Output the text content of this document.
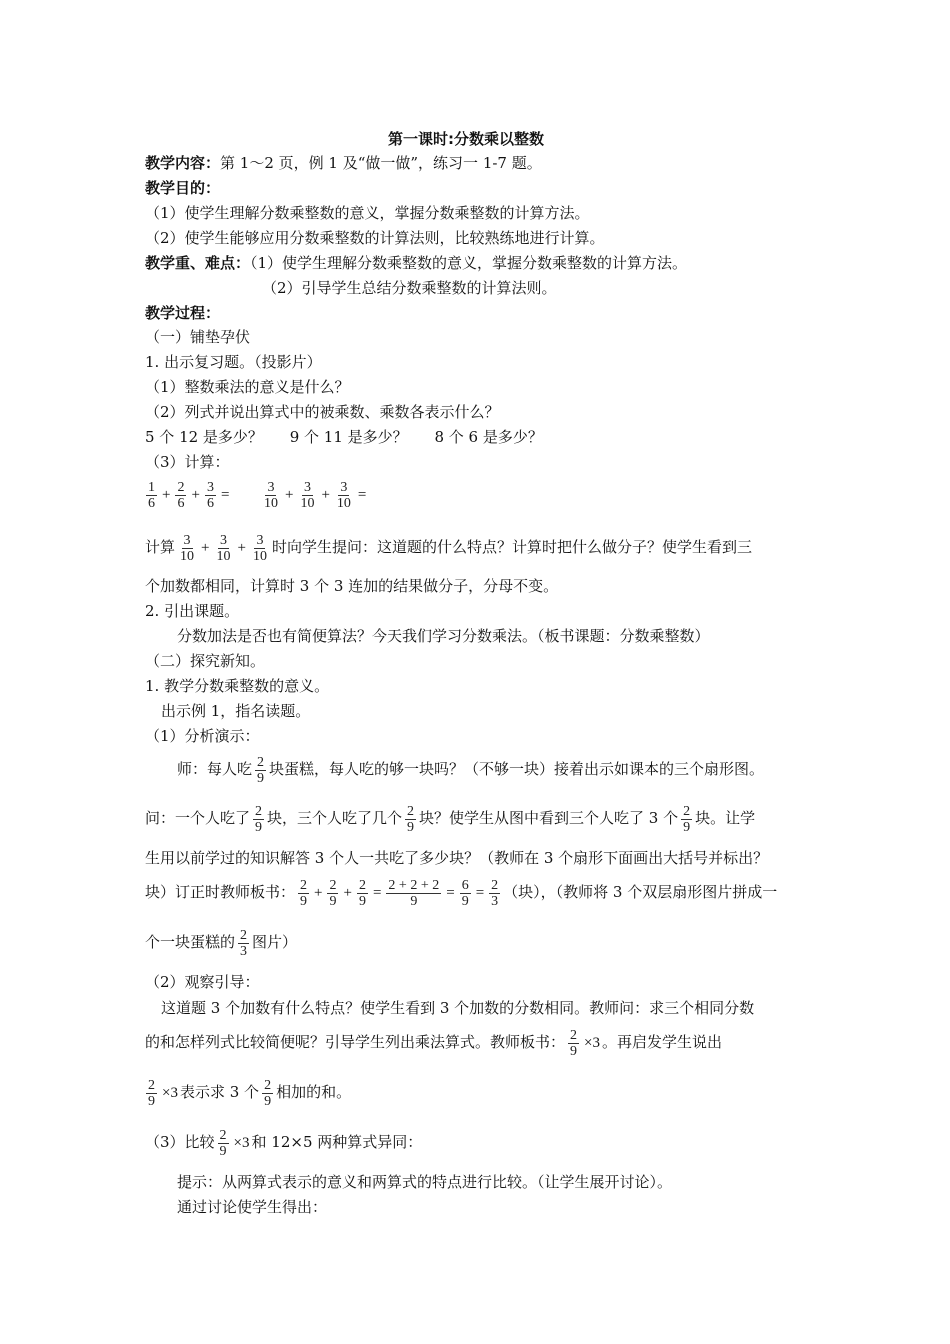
第一课时:分数乘以整数
教学内容：第 1～2 页，例 1 及“做一做”，练习一 1-7 题。
教学目的：
（1）使学生理解分数乘整数的意义，掌握分数乘整数的计算方法。
（2）使学生能够应用分数乘整数的计算法则，比较熟练地进行计算。
教学重、难点：（1）使学生理解分数乘整数的意义，掌握分数乘整数的计算方法。
（2）引导学生总结分数乘整数的计算法则。
教学过程：
（一）铺垫孕伏
1. 出示复习题。（投影片）
（1）整数乘法的意义是什么？
（2）列式并说出算式中的被乘数、乘数各表示什么？
5 个 12 是多少？ 9 个 11 是多少？ 8 个 6 是多少？
（3）计算：
$\frac{1}{6} + \frac{2}{6} + \frac{3}{6} = \frac{3}{10} + \frac{3}{10} + \frac{3}{10}$ =
计算 $\frac{3}{10} + \frac{3}{10} + \frac{3}{10}$ 时向学生提问：这道题的什么特点？计算时把什么做分子？使学生看到三
个加数都相同，计算时 3 个 3 连加的结果做分子，分母不变。
2. 引出课题。
分数加法是否也有简便算法？今天我们学习分数乘法。（板书课题：分数乘整数）
（二）探究新知。
1. 教学分数乘整数的意义。
出示例 1，指名读题。
（1）分析演示：
师：每人吃 $\frac{2}{9}$ 块蛋糕，每人吃的够一块吗？（不够一块）接着出示如课本的三个扇形图。
问：一个人吃了 $\frac{2}{9}$ 块，三个人吃了几个 $\frac{2}{9}$ 块？使学生从图中看到三个人吃了 3 个 $\frac{2}{9}$ 块。让学
生用以前学过的知识解答 3 个人一共吃了多少块？（教师在 3 个扇形下面画出大括号并标出？
块）订正时教师板书： $\frac{2}{9} + \frac{2}{9} + \frac{2}{9} = \frac{2 + 2 + 2}{9} = \frac{6}{9} = \frac{2}{3}$ （块），（教师将 3 个双层扇形图片拼成一
个一块蛋糕的 $\frac{2}{3}$ 图片）
（2）观察引导：
这道题 3 个加数有什么特点？使学生看到 3 个加数的分数相同。教师问：求三个相同分数
的和怎样列式比较简便呢？引导学生列出乘法算式。教师板书： $\frac{2}{9} \times 3$ 。再启发学生说出
$\frac{2}{9} \times 3$ 表示求 3 个 $\frac{2}{9}$ 相加的和。
（3）比较 $\frac{2}{9} \times 3$ 和 12×5 两种算式异同：
提示：从两算式表示的意义和两算式的特点进行比较。（让学生展开讨论）。
通过讨论使学生得出：
